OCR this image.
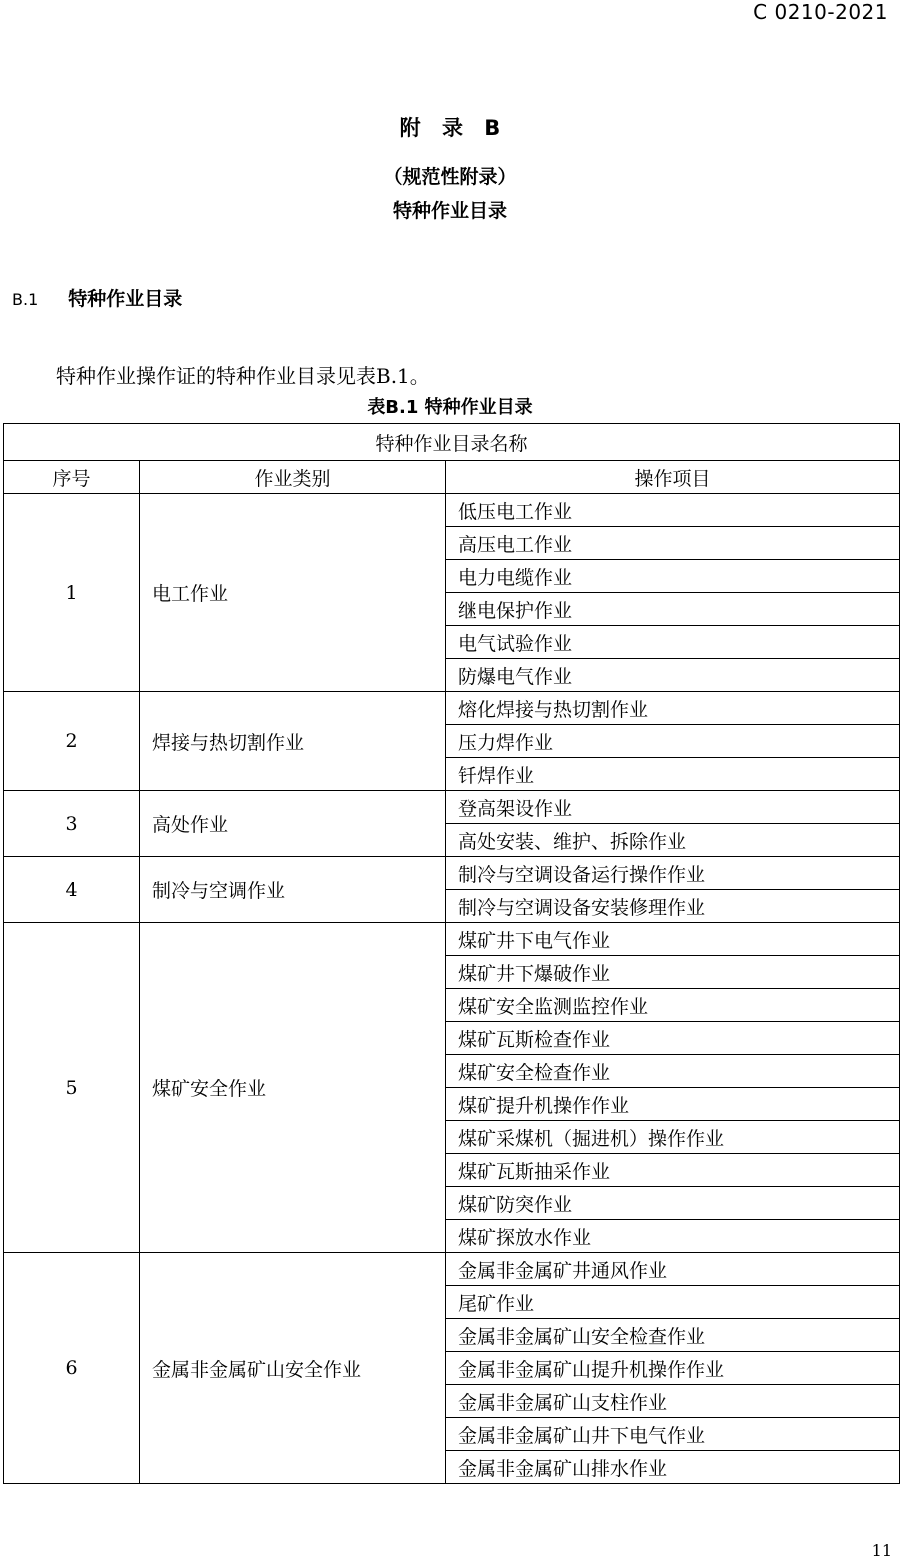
C 0210-2021
附 录 B
（规范性附录）
特种作业目录
B.1 特种作业目录
特种作业操作证的特种作业目录见表B.1。
表B.1 特种作业目录
特种作业目录名称		
序号	作业类别	操作项目
1	电工作业	低压电工作业
		高压电工作业
		电力电缆作业
		继电保护作业
		电气试验作业
		防爆电气作业
2	焊接与热切割作业	熔化焊接与热切割作业
		压力焊作业
		钎焊作业
3	高处作业	登高架设作业
		高处安装、维护、拆除作业
4	制冷与空调作业	制冷与空调设备运行操作作业
		制冷与空调设备安装修理作业
5	煤矿安全作业	煤矿井下电气作业
		煤矿井下爆破作业
		煤矿安全监测监控作业
		煤矿瓦斯检查作业
		煤矿安全检查作业
		煤矿提升机操作作业
		煤矿采煤机（掘进机）操作作业
		煤矿瓦斯抽采作业
		煤矿防突作业
		煤矿探放水作业
6	金属非金属矿山安全作业	金属非金属矿井通风作业
		尾矿作业
		金属非金属矿山安全检查作业
		金属非金属矿山提升机操作作业
		金属非金属矿山支柱作业
		金属非金属矿山井下电气作业
		金属非金属矿山排水作业
11
